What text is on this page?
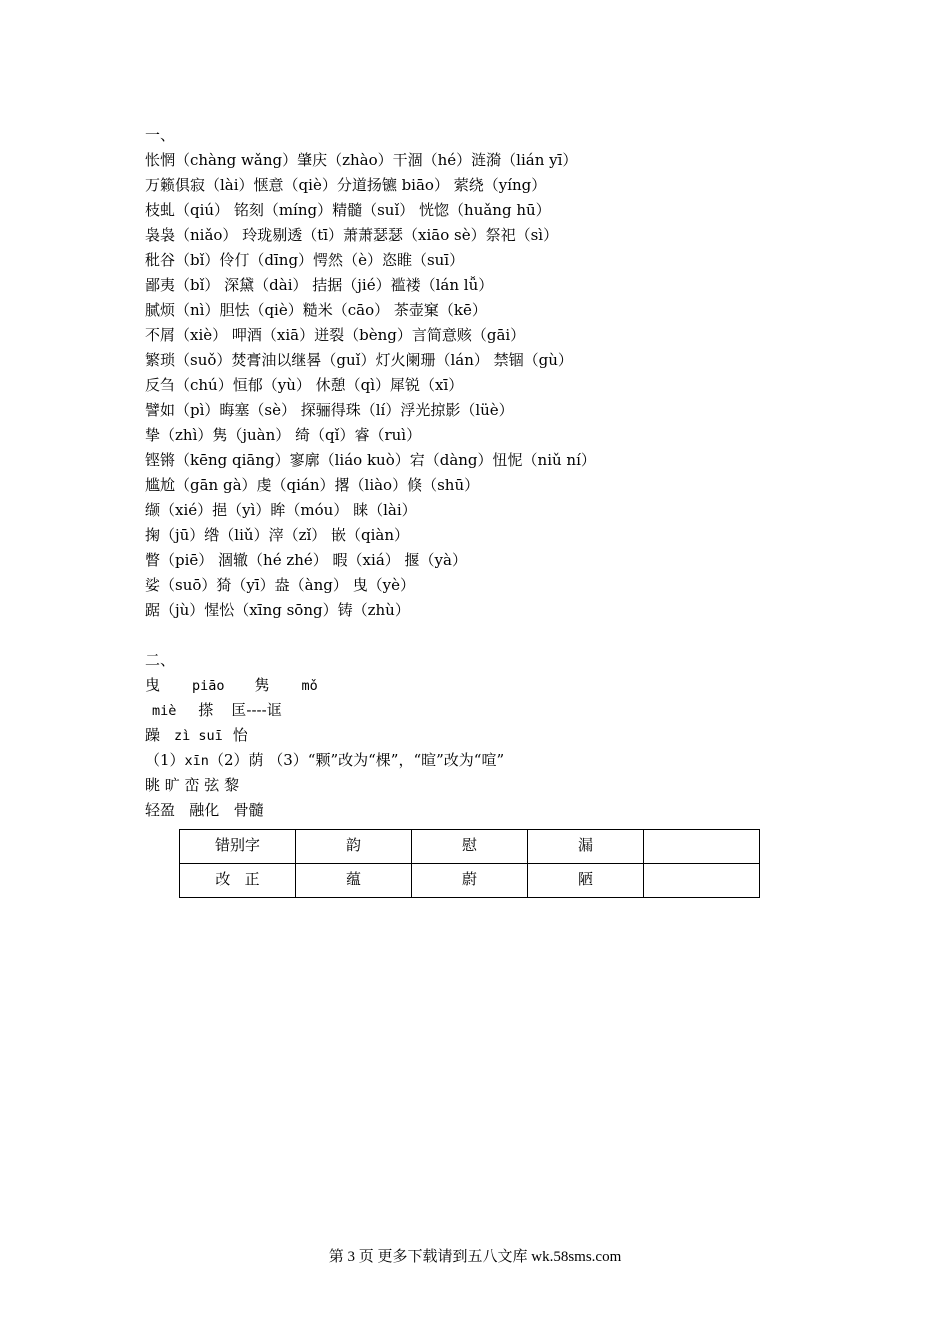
一、
怅惘（chàng wǎng）肇庆（zhào）干涸（hé）涟漪（lián yī）
万籁俱寂（lài）惬意（qiè）分道扬镳 biāo） 萦绕（yíng）
枝虬（qiú） 铭刻（míng）精髓（suǐ） 恍惚（huǎng hū）
袅袅（niǎo） 玲珑剔透（tī）萧萧瑟瑟（xiāo sè）祭祀（sì）
秕谷（bǐ）伶仃（dīng）愕然（è）恣睢（suī）
鄙夷（bǐ） 深黛（dài） 拮据（jié）褴褛（lán lǚ）
腻烦（nì）胆怯（qiè）糙米（cāo） 茶壶窠（kē）
不屑（xiè） 呷酒（xiā）迸裂（bèng）言简意赅（gāi）
繁琐（suǒ）焚膏油以继晷（guǐ）灯火阑珊（lán） 禁锢（gù）
反刍（chú）恒郁（yù） 休憩（qì）犀锐（xī）
譬如（pì）晦塞（sè） 探骊得珠（lí）浮光掠影（lüè）
挚（zhì）隽（juàn） 绮（qǐ）睿（ruì）
铿锵（kēng qiāng）寥廓（liáo kuò）宕（dàng）忸怩（niǔ ní）
尴尬（gān gà）虔（qián）撂（liào）倏（shū）
缬（xié）挹（yì）眸（móu） 睐（lài）
掬（jū）绺（liǔ）滓（zǐ） 嵌（qiàn）
瞥（piē） 涸辙（hé zhé） 暇（xiá） 揠（yà）
娑（suō）猗（yī）盎（àng） 曳（yè）
踞（jù）惺忪（xīng sōng）铸（zhù）
二、
曳 piāo 隽 mǒ
miè 搽 匡----诓
躁 zì suī 怡
（1）xīn（2）荫 （3）“颗”改为“棵”，“暄”改为“喧”
眺 旷 峦 弦 黎
轻盈   融化   骨髓
错别字	韵	慰	漏	
改   正	蕴	蔚	陋	
第 3 页 更多下载请到五八文库 wk.58sms.com
